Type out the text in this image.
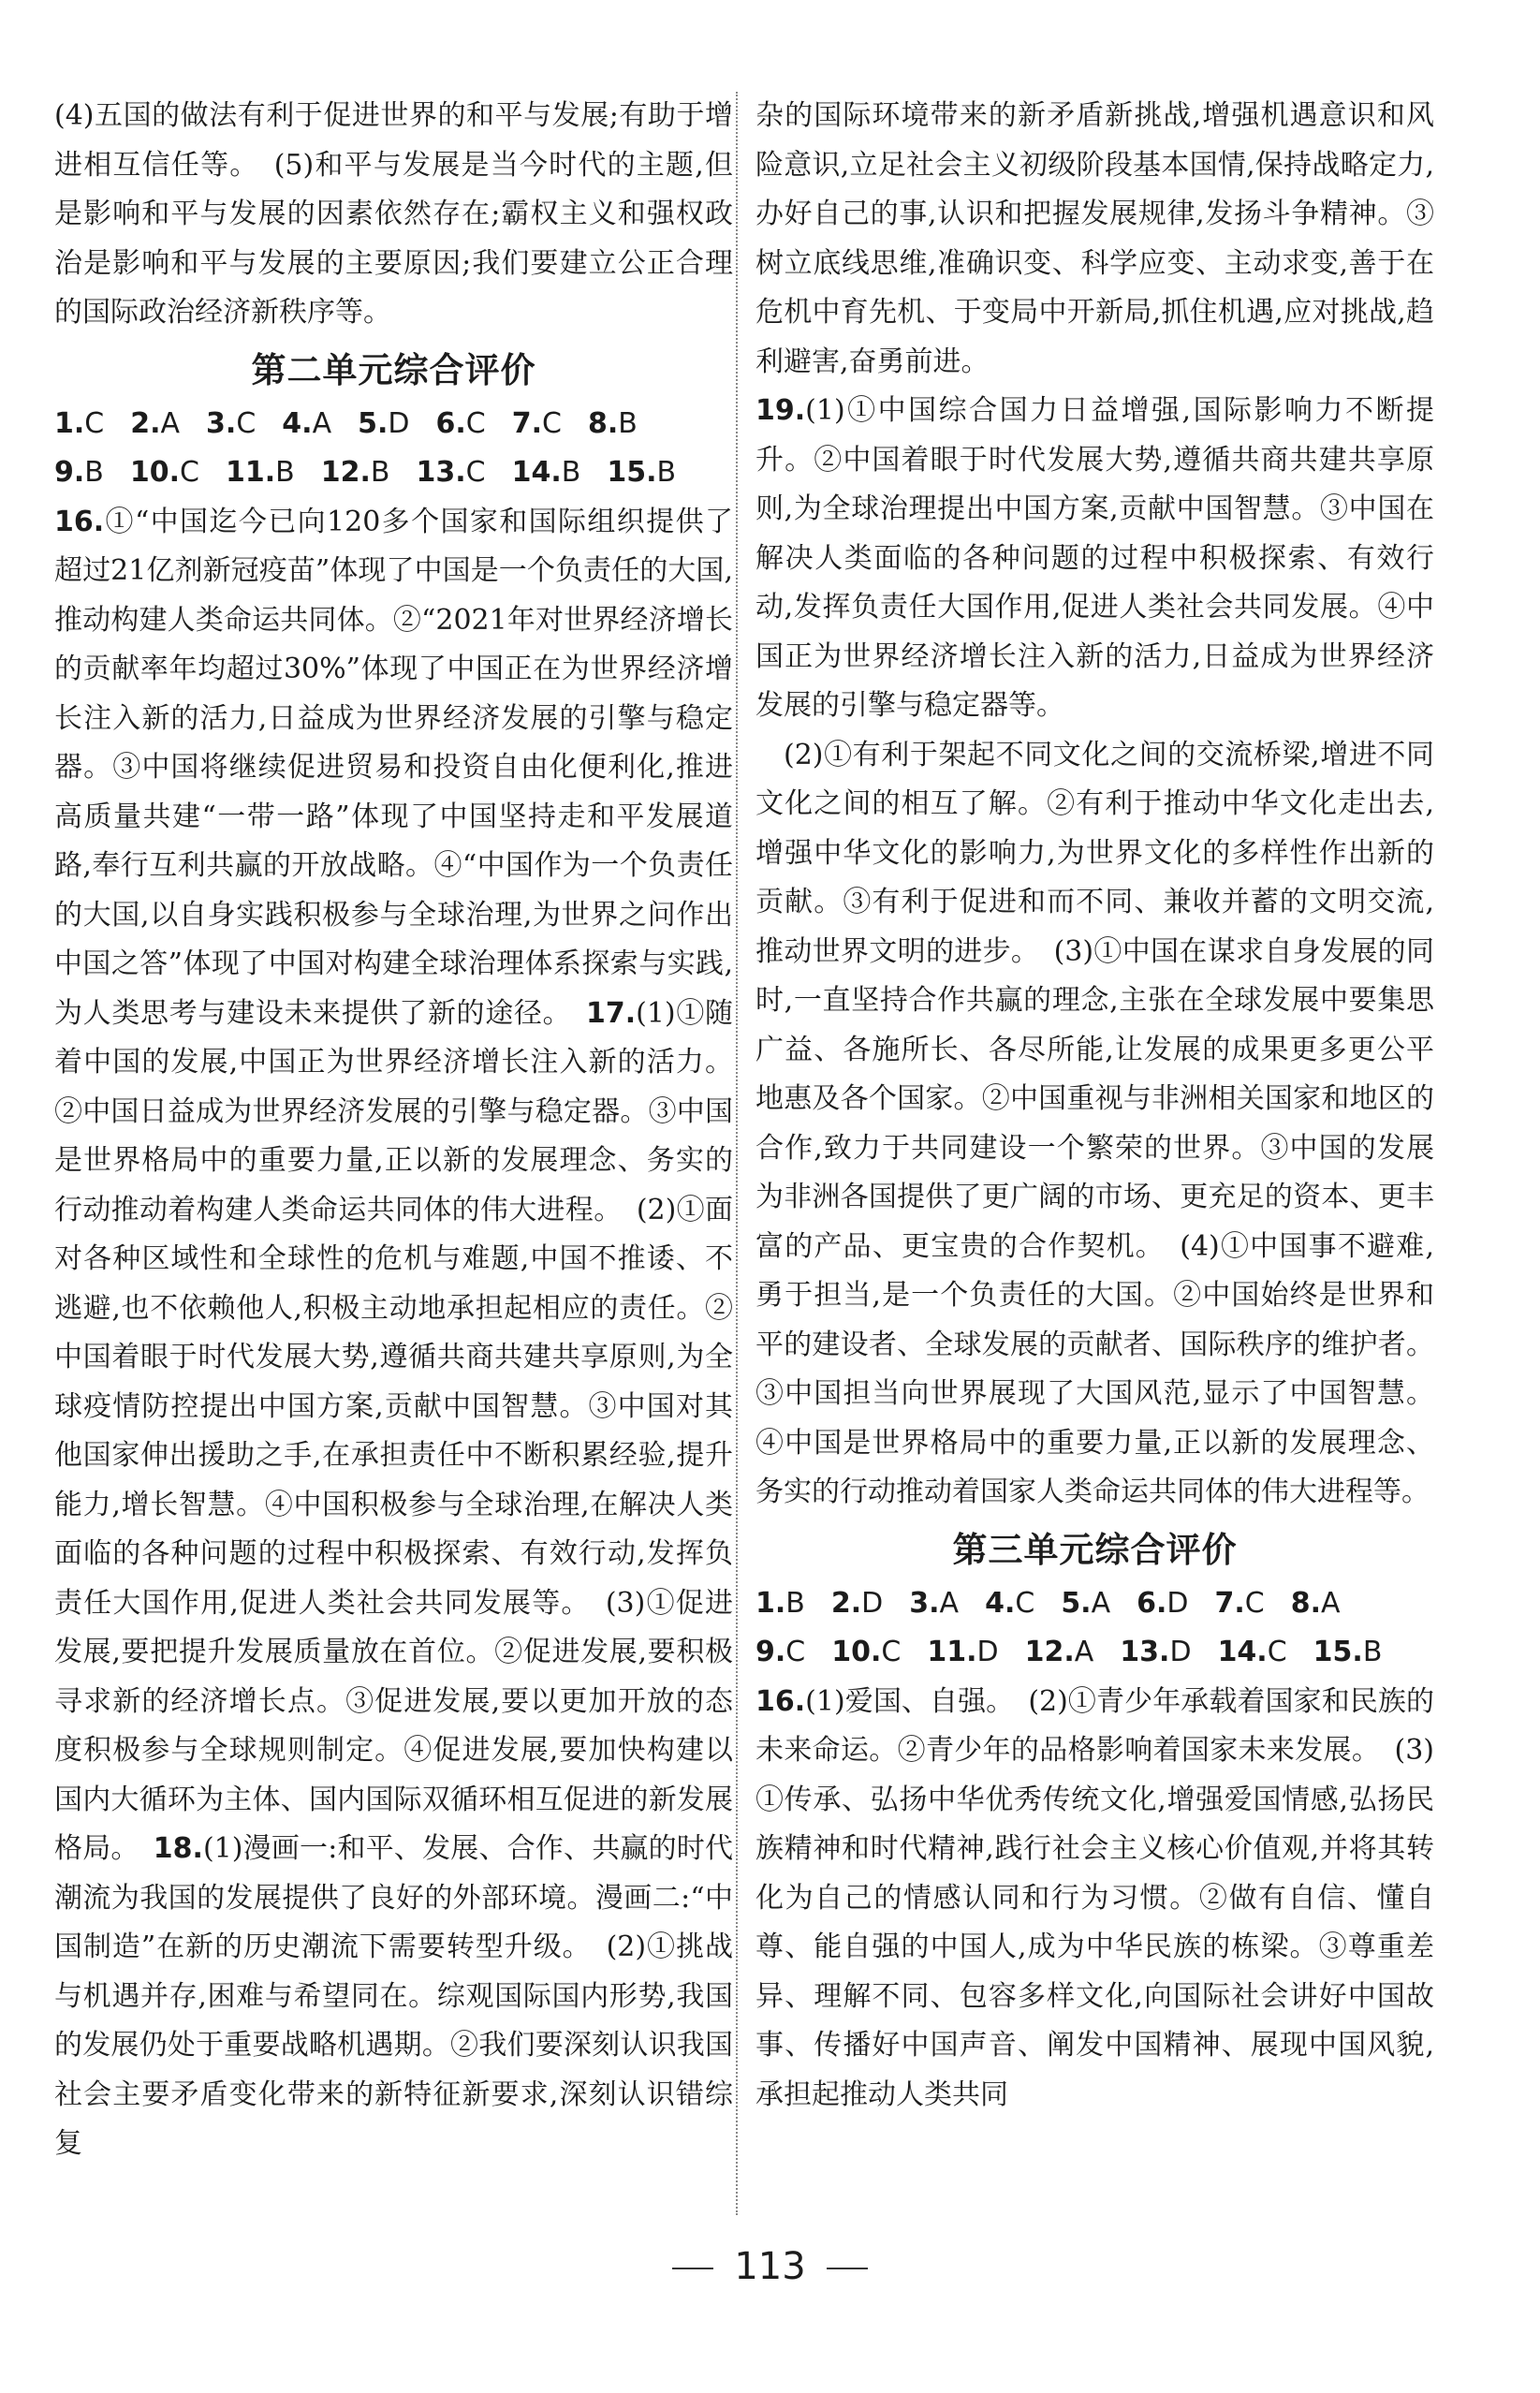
(4)五国的做法有利于促进世界的和平与发展;有助于增进相互信任等。　(5)和平与发展是当今时代的主题,但是影响和平与发展的因素依然存在;霸权主义和强权政治是影响和平与发展的主要原因;我们要建立公正合理的国际政治经济新秩序等。

第二单元综合评价
1.C 2.A 3.C 4.A 5.D 6.C 7.C 8.B
9.B 10.C 11.B 12.B 13.C 14.B 15.B

16.①“中国迄今已向120多个国家和国际组织提供了超过21亿剂新冠疫苗”体现了中国是一个负责任的大国,推动构建人类命运共同体。②“2021年对世界经济增长的贡献率年均超过30%”体现了中国正在为世界经济增长注入新的活力,日益成为世界经济发展的引擎与稳定器。③中国将继续促进贸易和投资自由化便利化,推进高质量共建“一带一路”体现了中国坚持走和平发展道路,奉行互利共赢的开放战略。④“中国作为一个负责任的大国,以自身实践积极参与全球治理,为世界之问作出中国之答”体现了中国对构建全球治理体系探索与实践,为人类思考与建设未来提供了新的途径。　17.(1)①随着中国的发展,中国正为世界经济增长注入新的活力。②中国日益成为世界经济发展的引擎与稳定器。③中国是世界格局中的重要力量,正以新的发展理念、务实的行动推动着构建人类命运共同体的伟大进程。　(2)①面对各种区域性和全球性的危机与难题,中国不推诿、不逃避,也不依赖他人,积极主动地承担起相应的责任。②中国着眼于时代发展大势,遵循共商共建共享原则,为全球疫情防控提出中国方案,贡献中国智慧。③中国对其他国家伸出援助之手,在承担责任中不断积累经验,提升能力,增长智慧。④中国积极参与全球治理,在解决人类面临的各种问题的过程中积极探索、有效行动,发挥负责任大国作用,促进人类社会共同发展等。　(3)①促进发展,要把提升发展质量放在首位。②促进发展,要积极寻求新的经济增长点。③促进发展,要以更加开放的态度积极参与全球规则制定。④促进发展,要加快构建以国内大循环为主体、国内国际双循环相互促进的新发展格局。　18.(1)漫画一:和平、发展、合作、共赢的时代潮流为我国的发展提供了良好的外部环境。漫画二:“中国制造”在新的历史潮流下需要转型升级。　(2)①挑战与机遇并存,困难与希望同在。综观国际国内形势,我国的发展仍处于重要战略机遇期。②我们要深刻认识我国社会主要矛盾变化带来的新特征新要求,深刻认识错综复

杂的国际环境带来的新矛盾新挑战,增强机遇意识和风险意识,立足社会主义初级阶段基本国情,保持战略定力,办好自己的事,认识和把握发展规律,发扬斗争精神。③树立底线思维,准确识变、科学应变、主动求变,善于在危机中育先机、于变局中开新局,抓住机遇,应对挑战,趋利避害,奋勇前进。

19.(1)①中国综合国力日益增强,国际影响力不断提升。②中国着眼于时代发展大势,遵循共商共建共享原则,为全球治理提出中国方案,贡献中国智慧。③中国在解决人类面临的各种问题的过程中积极探索、有效行动,发挥负责任大国作用,促进人类社会共同发展。④中国正为世界经济增长注入新的活力,日益成为世界经济发展的引擎与稳定器等。

(2)①有利于架起不同文化之间的交流桥梁,增进不同文化之间的相互了解。②有利于推动中华文化走出去,增强中华文化的影响力,为世界文化的多样性作出新的贡献。③有利于促进和而不同、兼收并蓄的文明交流,推动世界文明的进步。　(3)①中国在谋求自身发展的同时,一直坚持合作共赢的理念,主张在全球发展中要集思广益、各施所长、各尽所能,让发展的成果更多更公平地惠及各个国家。②中国重视与非洲相关国家和地区的合作,致力于共同建设一个繁荣的世界。③中国的发展为非洲各国提供了更广阔的市场、更充足的资本、更丰富的产品、更宝贵的合作契机。　(4)①中国事不避难,勇于担当,是一个负责任的大国。②中国始终是世界和平的建设者、全球发展的贡献者、国际秩序的维护者。③中国担当向世界展现了大国风范,显示了中国智慧。④中国是世界格局中的重要力量,正以新的发展理念、务实的行动推动着国家人类命运共同体的伟大进程等。

第三单元综合评价
1.B 2.D 3.A 4.C 5.A 6.D 7.C 8.A
9.C 10.C 11.D 12.A 13.D 14.C 15.B

16.(1)爱国、自强。　(2)①青少年承载着国家和民族的未来命运。②青少年的品格影响着国家未来发展。　(3)①传承、弘扬中华优秀传统文化,增强爱国情感,弘扬民族精神和时代精神,践行社会主义核心价值观,并将其转化为自己的情感认同和行为习惯。②做有自信、懂自尊、能自强的中国人,成为中华民族的栋梁。③尊重差异、理解不同、包容多样文化,向国际社会讲好中国故事、传播好中国声音、阐发中国精神、展现中国风貌,承担起推动人类共同

113
